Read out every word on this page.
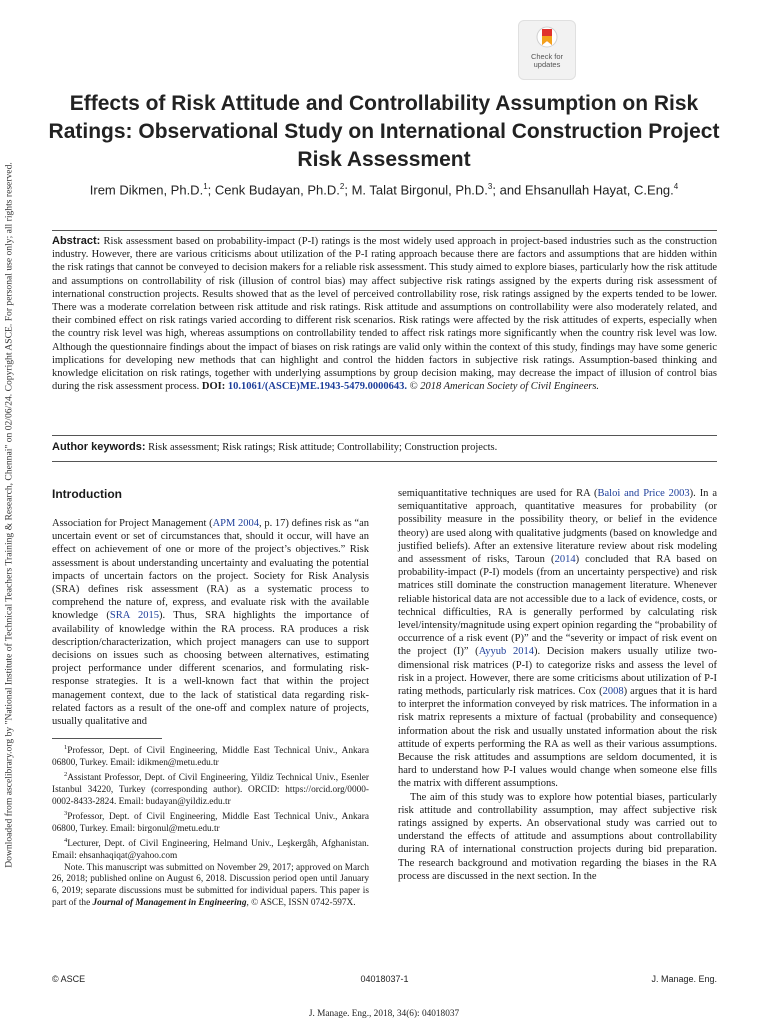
Downloaded from ascelibrary.org by "National Institute of Technical Teachers Training & Research, Chennai" on 02/06/24. Copyright ASCE. For personal use only; all rights reserved.
Check for
updates
Effects of Risk Attitude and Controllability Assumption on Risk Ratings: Observational Study on International Construction Project Risk Assessment
Irem Dikmen, Ph.D.$^1$; Cenk Budayan, Ph.D.$^2$; M. Talat Birgonul, Ph.D.$^3$; and Ehsanullah Hayat, C.Eng.$^4$

Abstract: Risk assessment based on probability-impact (P-I) ratings is the most widely used approach in project-based industries such as the construction industry. However, there are various criticisms about utilization of the P-I rating approach because there are factors and assumptions that are hidden within the risk ratings that cannot be conveyed to decision makers for a reliable risk assessment. This study aimed to explore biases, particularly how the risk attitude and assumptions on controllability of risk (illusion of control bias) may affect subjective risk ratings assigned by the experts during risk assessment of international construction projects. Results showed that as the level of perceived controllability rose, risk ratings assigned by the experts tended to be lower. There was a moderate correlation between risk attitude and risk ratings. Risk attitude and assumptions on controllability were also moderately related, and their combined effect on risk ratings varied according to different risk scenarios. Risk ratings were affected by the risk attitudes of experts, especially when the country risk level was high, whereas assumptions on controllability tended to affect risk ratings more significantly when the country risk level was low. Although the questionnaire findings about the impact of biases on risk ratings are valid only within the context of this study, findings may have some generic implications for developing new methods that can highlight and control the hidden factors in subjective risk ratings. Assumption-based thinking and knowledge elicitation on risk ratings, together with underlying assumptions by group decision making, may decrease the impact of illusion of control bias during the risk assessment process. DOI: 10.1061/(ASCE)ME.1943-5479.0000643. © 2018 American Society of Civil Engineers.

Author keywords: Risk assessment; Risk ratings; Risk attitude; Controllability; Construction projects.
Introduction

Association for Project Management (APM 2004, p. 17) defines risk as “an uncertain event or set of circumstances that, should it occur, will have an effect on achievement of one or more of the project’s objectives.” Risk assessment is about understanding uncertainty and evaluating the potential impacts of uncertain factors on the project. Society for Risk Analysis (SRA) defines risk assessment (RA) as a systematic process to comprehend the nature of, express, and evaluate risk with the available knowledge (SRA 2015). Thus, SRA highlights the importance of availability of knowledge within the RA process. RA produces a risk description/characterization, which project managers can use to support decisions on issues such as choosing between alternatives, estimating project performance under different scenarios, and formulating risk-response strategies. It is a well-known fact that within the project management context, due to the lack of statistical data regarding risk-related factors as a result of the one-off and complex nature of projects, usually qualitative and

semiquantitative techniques are used for RA (Baloi and Price 2003). In a semiquantitative approach, quantitative measures for probability (or possibility measure in the possibility theory, or belief in the evidence theory) are used along with qualitative judgments (based on knowledge and justified beliefs). After an extensive literature review about risk modeling and assessment of risks, Taroun (2014) concluded that RA based on probability-impact (P-I) models (from an uncertainty perspective) and risk matrices still dominate the construction management literature. Whenever reliable historical data are not accessible due to a lack of evidence, costs, or technical difficulties, RA is generally performed by calculating risk level/intensity/magnitude using expert opinion regarding the “probability of occurrence of a risk event (P)” and the “severity or impact of risk event on the project (I)” (Ayyub 2014). Decision makers usually utilize two-dimensional risk matrices (P-I) to categorize risks and assess the level of risk in a project. However, there are some criticisms about utilization of P-I rating methods, particularly risk matrices. Cox (2008) argues that it is hard to interpret the information conveyed by risk matrices. The information in a risk matrix represents a mixture of factual (probability and consequence) information about the risk and usually unstated information about the risk attitude of experts performing the RA as well as their various assumptions. Because the risk attitudes and assumptions are seldom documented, it is hard to understand how P-I values would change when someone else fills the matrix with different assumptions.

The aim of this study was to explore how potential biases, particularly risk attitude and controllability assumption, may affect subjective risk ratings assigned by experts. An observational study was carried out to understand the effects of attitude and assumptions about controllability during RA of international construction projects during bid preparation. The research background and motivation regarding the biases in the RA process are discussed in the next section. In the

$^1$Professor, Dept. of Civil Engineering, Middle East Technical Univ., Ankara 06800, Turkey. Email: idikmen@metu.edu.tr

$^2$Assistant Professor, Dept. of Civil Engineering, Yildiz Technical Univ., Esenler Istanbul 34220, Turkey (corresponding author). ORCID: https://orcid.org/0000-0002-8433-2824. Email: budayan@yildiz.edu.tr

$^3$Professor, Dept. of Civil Engineering, Middle East Technical Univ., Ankara 06800, Turkey. Email: birgonul@metu.edu.tr

$^4$Lecturer, Dept. of Civil Engineering, Helmand Univ., Leşkergâh, Afghanistan. Email: ehsanhaqiqat@yahoo.com

Note. This manuscript was submitted on November 29, 2017; approved on March 26, 2018; published online on August 6, 2018. Discussion period open until January 6, 2019; separate discussions must be submitted for individual papers. This paper is part of the Journal of Management in Engineering, © ASCE, ISSN 0742-597X.

© ASCE	04018037-1	J. Manage. Eng.
J. Manage. Eng., 2018, 34(6): 04018037
